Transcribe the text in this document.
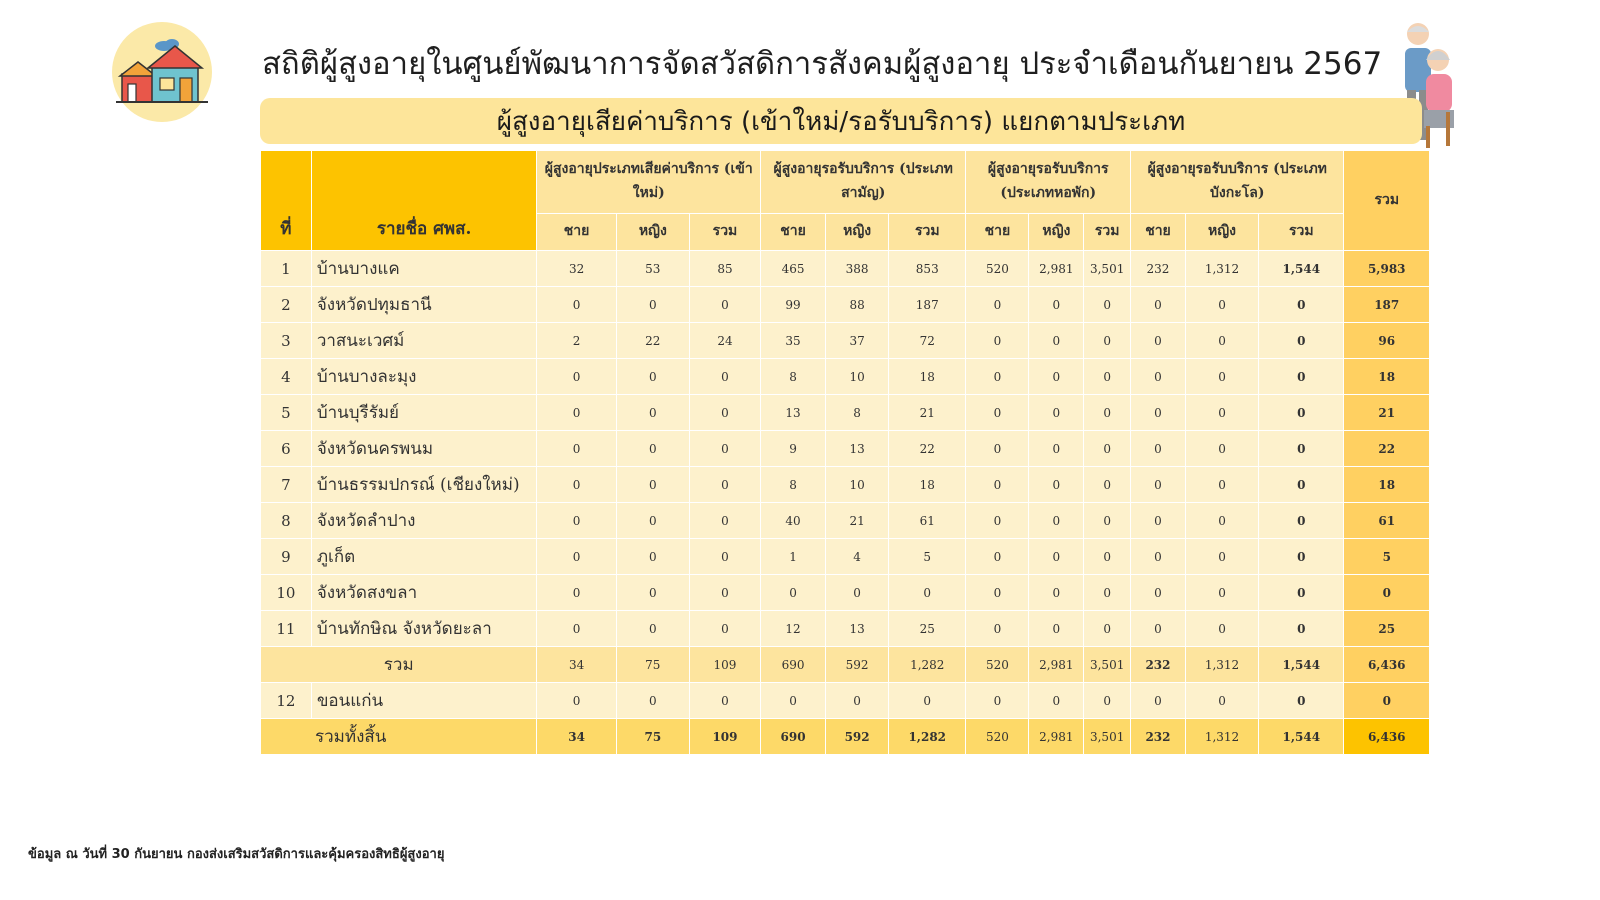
สถิติผู้สูงอายุในศูนย์พัฒนาการจัดสวัสดิการสังคมผู้สูงอายุ ประจำเดือนกันยายน 2567
ผู้สูงอายุเสียค่าบริการ (เข้าใหม่/รอรับบริการ) แยกตามประเภท
ที่	รายชื่อ ศพส.	ผู้สูงอายุประเภทเสียค่าบริการ (เข้าใหม่)			ผู้สูงอายุรอรับบริการ (ประเภทสามัญ)			ผู้สูงอายุรอรับบริการ (ประเภทหอพัก)			ผู้สูงอายุรอรับบริการ (ประเภทบังกะโล)			รวม
		ชาย	หญิง	รวม	ชาย	หญิง	รวม	ชาย	หญิง	รวม	ชาย	หญิง	รวม	
1	บ้านบางแค	32	53	85	465	388	853	520	2,981	3,501	232	1,312	1,544	5,983
2	จังหวัดปทุมธานี	0	0	0	99	88	187	0	0	0	0	0	0	187
3	วาสนะเวศม์	2	22	24	35	37	72	0	0	0	0	0	0	96
4	บ้านบางละมุง	0	0	0	8	10	18	0	0	0	0	0	0	18
5	บ้านบุรีรัมย์	0	0	0	13	8	21	0	0	0	0	0	0	21
6	จังหวัดนครพนม	0	0	0	9	13	22	0	0	0	0	0	0	22
7	บ้านธรรมปกรณ์ (เชียงใหม่)	0	0	0	8	10	18	0	0	0	0	0	0	18
8	จังหวัดลำปาง	0	0	0	40	21	61	0	0	0	0	0	0	61
9	ภูเก็ต	0	0	0	1	4	5	0	0	0	0	0	0	5
10	จังหวัดสงขลา	0	0	0	0	0	0	0	0	0	0	0	0	0
11	บ้านทักษิณ จังหวัดยะลา	0	0	0	12	13	25	0	0	0	0	0	0	25
รวม		34	75	109	690	592	1,282	520	2,981	3,501	232	1,312	1,544	6,436
12	ขอนแก่น	0	0	0	0	0	0	0	0	0	0	0	0	0
รวมทั้งสิ้น		34	75	109	690	592	1,282	520	2,981	3,501	232	1,312	1,544	6,436
ข้อมูล ณ วันที่ 30 กันยายน กองส่งเสริมสวัสดิการและคุ้มครองสิทธิผู้สูงอายุ
